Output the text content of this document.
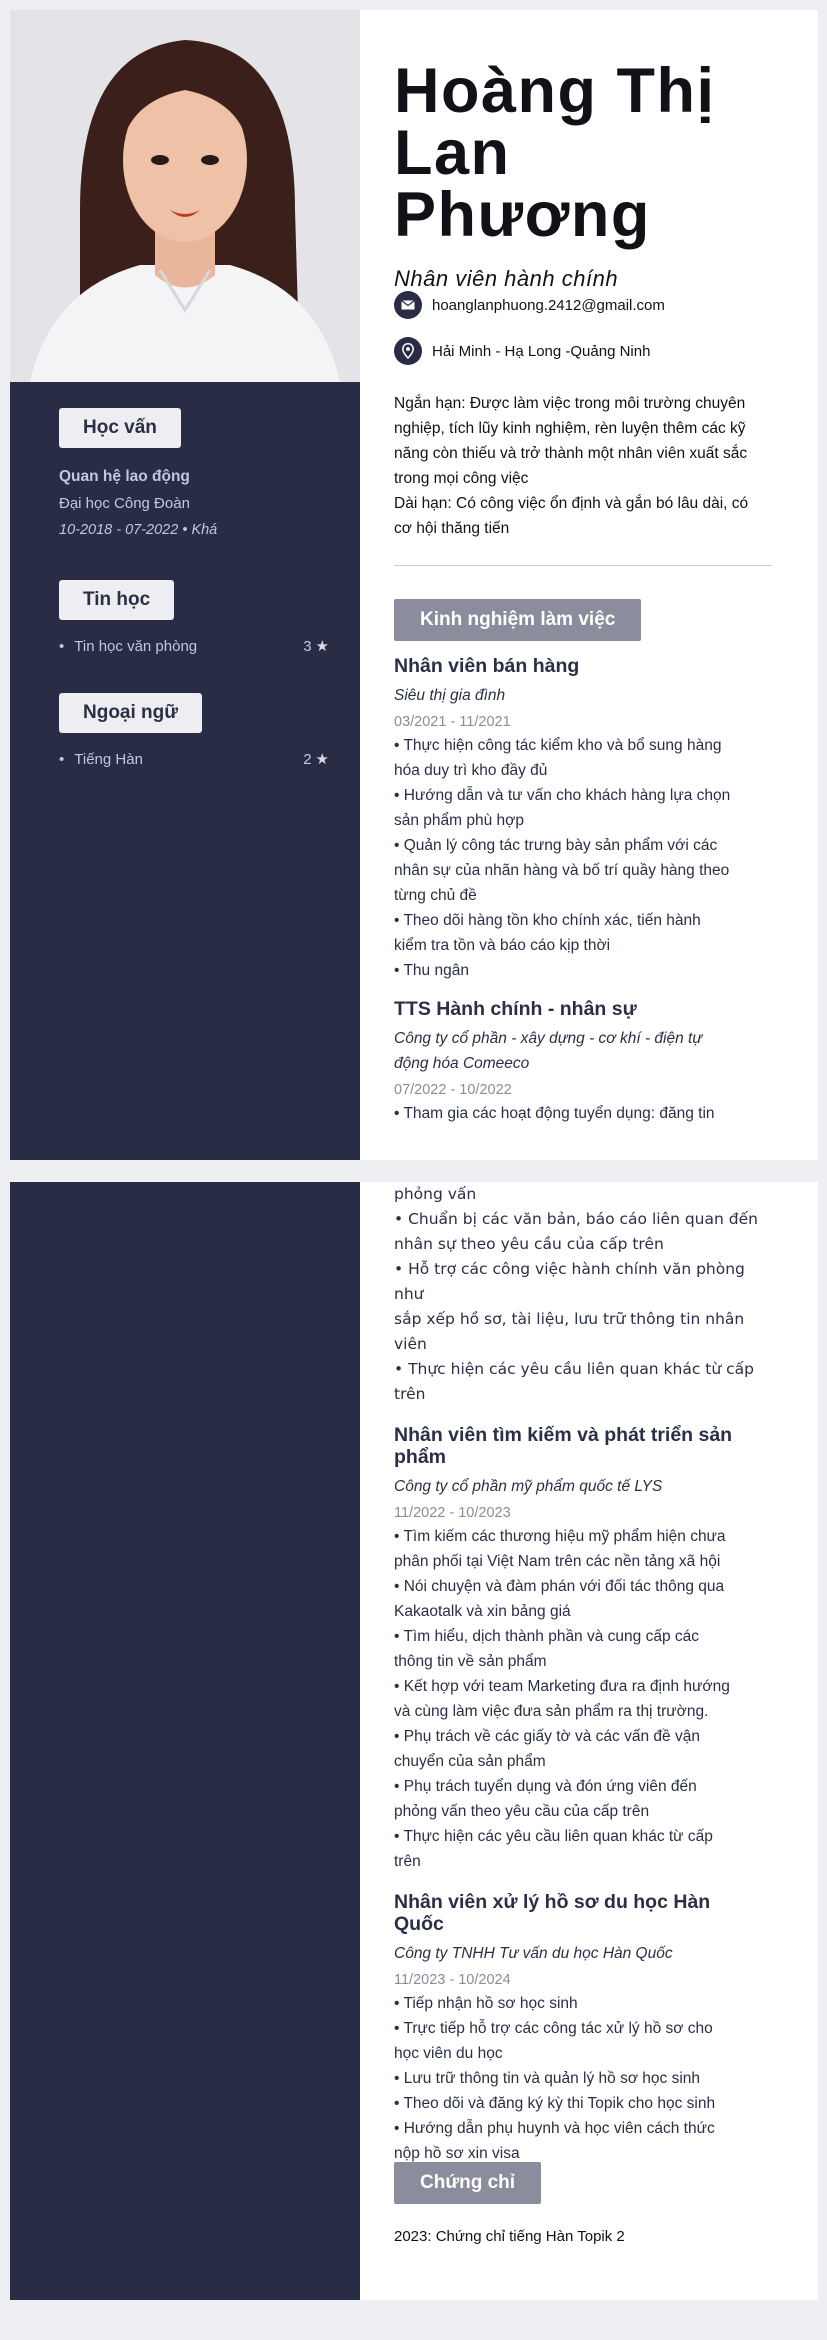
Học vấn
Quan hệ lao động
Đại học Công Đoàn
10-2018 - 07-2022 • Khá
Tin học
• Tin học văn phòng	3 ★
Ngoại ngữ
• Tiếng Hàn	2 ★
Hoàng Thị
Lan Phương
Nhân viên hành chính
hoanglanphuong.2412@gmail.com
Hải Minh - Hạ Long -Quảng Ninh
Ngắn hạn: Được làm việc trong môi trường chuyên
nghiệp, tích lũy kinh nghiệm, rèn luyện thêm các kỹ
năng còn thiếu và trở thành một nhân viên xuất sắc
trong mọi công việc
Dài hạn: Có công việc ổn định và gắn bó lâu dài, có
cơ hội thăng tiến
Kinh nghiệm làm việc
Nhân viên bán hàng
Siêu thị gia đình
03/2021 - 11/2021
• Thực hiện công tác kiểm kho và bổ sung hàng
hóa duy trì kho đầy đủ
• Hướng dẫn và tư vấn cho khách hàng lựa chọn
sản phẩm phù hợp
• Quản lý công tác trưng bày sản phẩm với các
nhân sự của nhãn hàng và bố trí quầy hàng theo
từng chủ đề
• Theo dõi hàng tồn kho chính xác, tiến hành
kiểm tra tồn và báo cáo kịp thời
• Thu ngân
TTS Hành chính - nhân sự
Công ty cổ phần - xây dựng - cơ khí - điện tự
động hóa Comeeco
07/2022 - 10/2022
• Tham gia các hoạt động tuyển dụng: đăng tin
phỏng vấn
• Chuẩn bị các văn bản, báo cáo liên quan đến
nhân sự theo yêu cầu của cấp trên
• Hỗ trợ các công việc hành chính văn phòng như
sắp xếp hồ sơ, tài liệu, lưu trữ thông tin nhân viên
• Thực hiện các yêu cầu liên quan khác từ cấp
trên
Nhân viên tìm kiếm và phát triển sản
phẩm
Công ty cổ phần mỹ phẩm quốc tế LYS
11/2022 - 10/2023
• Tìm kiếm các thương hiệu mỹ phẩm hiện chưa
phân phối tại Việt Nam trên các nền tảng xã hội
• Nói chuyện và đàm phán với đối tác thông qua
Kakaotalk và xin bảng giá
• Tìm hiểu, dịch thành phần và cung cấp các
thông tin về sản phẩm
• Kết hợp với team Marketing đưa ra định hướng
và cùng làm việc đưa sản phẩm ra thị trường.
• Phụ trách về các giấy tờ và các vấn đề vận
chuyển của sản phẩm
• Phụ trách tuyển dụng và đón ứng viên đến
phỏng vấn theo yêu cầu của cấp trên
• Thực hiện các yêu cầu liên quan khác từ cấp
trên
Nhân viên xử lý hồ sơ du học Hàn
Quốc
Công ty TNHH Tư vấn du học Hàn Quốc
11/2023 - 10/2024
• Tiếp nhận hồ sơ học sinh
• Trực tiếp hỗ trợ các công tác xử lý hồ sơ cho
học viên du học
• Lưu trữ thông tin và quản lý hồ sơ học sinh
• Theo dõi và đăng ký kỳ thi Topik cho học sinh
• Hướng dẫn phụ huynh và học viên cách thức
nộp hồ sơ xin visa
Chứng chỉ
2023: Chứng chỉ tiếng Hàn Topik 2
